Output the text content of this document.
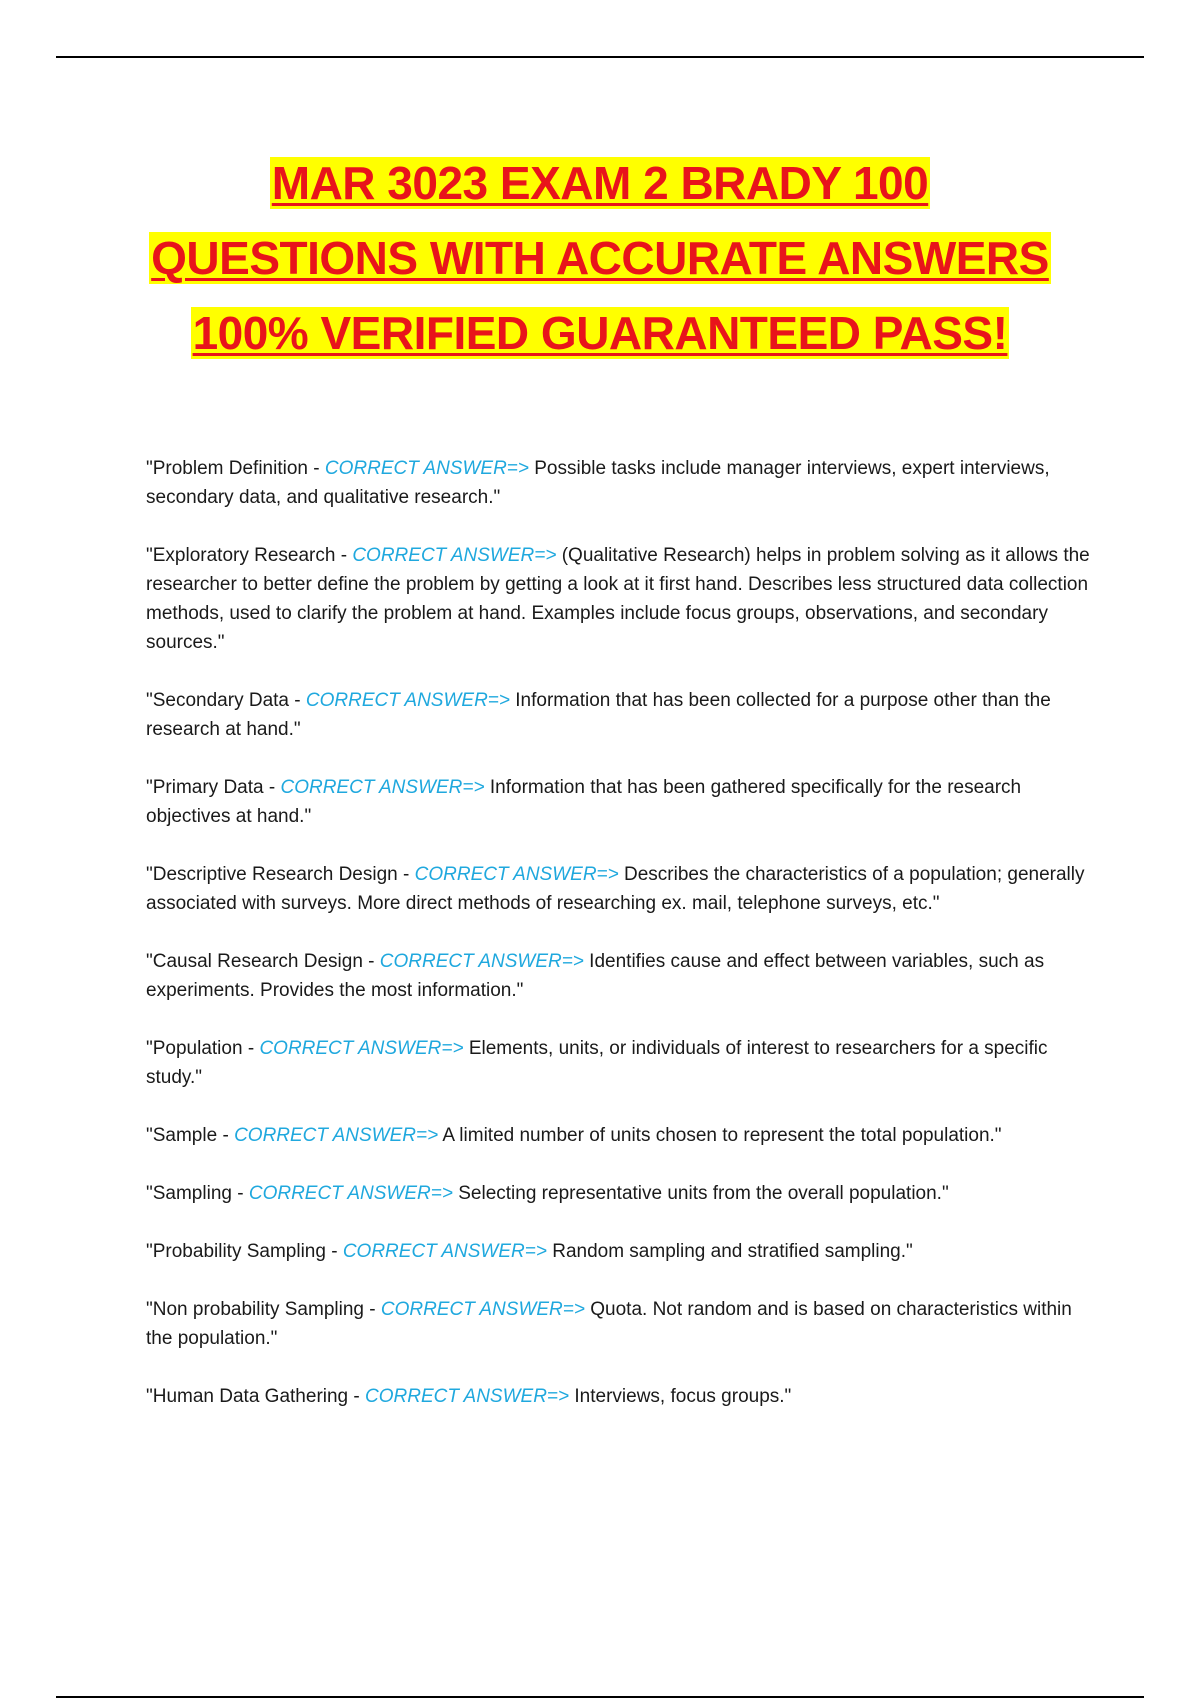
MAR 3023 EXAM 2 BRADY 100
QUESTIONS WITH ACCURATE ANSWERS
100% VERIFIED GUARANTEED PASS!

"Problem Definition - CORRECT ANSWER=> Possible tasks include manager interviews, expert interviews, secondary data, and qualitative research."

"Exploratory Research - CORRECT ANSWER=> (Qualitative Research) helps in problem solving as it allows the researcher to better define the problem by getting a look at it first hand. Describes less structured data collection methods, used to clarify the problem at hand. Examples include focus groups, observations, and secondary sources."

"Secondary Data - CORRECT ANSWER=> Information that has been collected for a purpose other than the research at hand."

"Primary Data - CORRECT ANSWER=> Information that has been gathered specifically for the research objectives at hand."

"Descriptive Research Design - CORRECT ANSWER=> Describes the characteristics of a population; generally associated with surveys. More direct methods of researching ex. mail, telephone surveys, etc."

"Causal Research Design - CORRECT ANSWER=> Identifies cause and effect between variables, such as experiments. Provides the most information."

"Population - CORRECT ANSWER=> Elements, units, or individuals of interest to researchers for a specific study."

"Sample - CORRECT ANSWER=> A limited number of units chosen to represent the total population."

"Sampling - CORRECT ANSWER=> Selecting representative units from the overall population."

"Probability Sampling - CORRECT ANSWER=> Random sampling and stratified sampling."

"Non probability Sampling - CORRECT ANSWER=> Quota. Not random and is based on characteristics within the population."

"Human Data Gathering - CORRECT ANSWER=> Interviews, focus groups."
